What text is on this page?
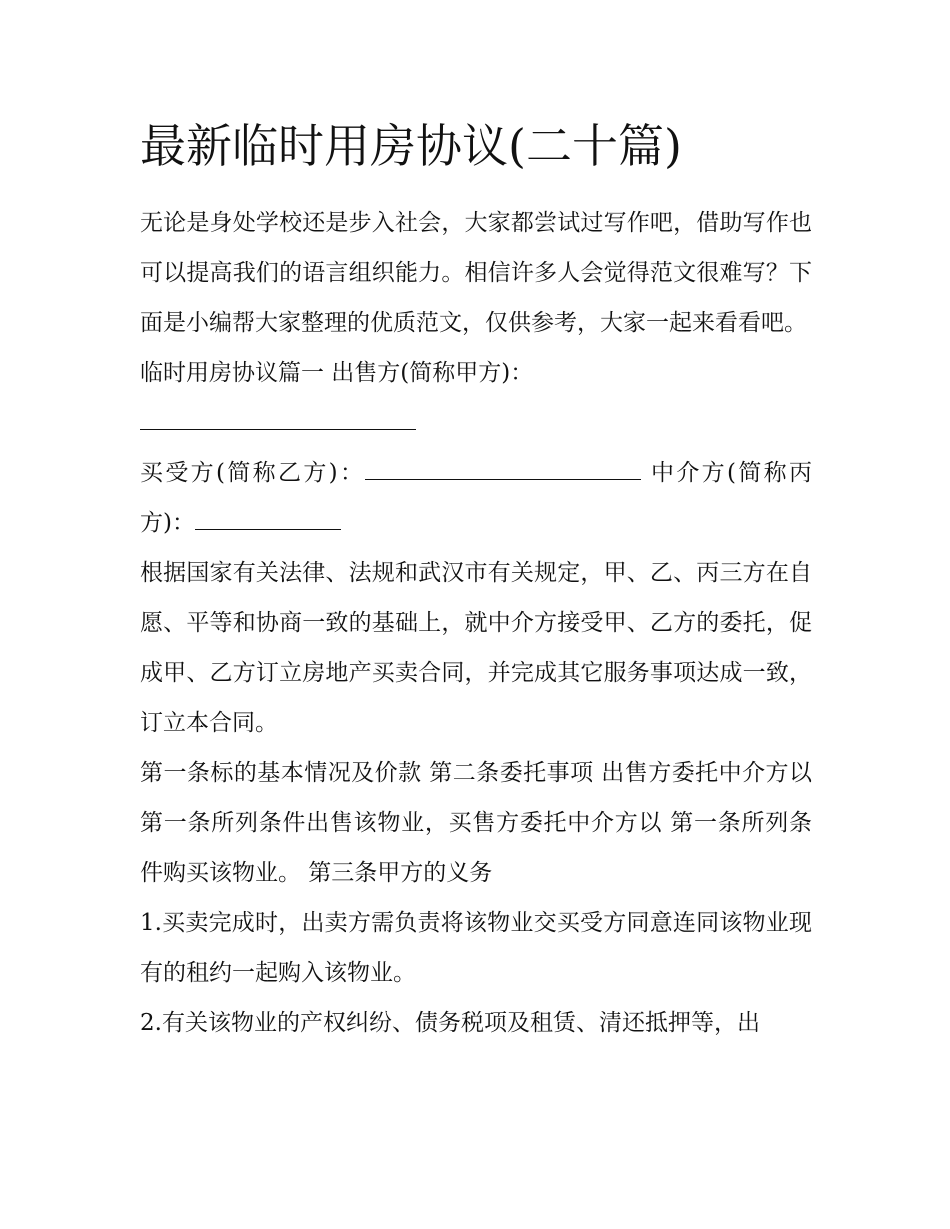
最新临时用房协议(二十篇)

无论是身处学校还是步入社会，大家都尝试过写作吧，借助写作也可以提高我们的语言组织能力。相信许多人会觉得范文很难写？下面是小编帮大家整理的优质范文，仅供参考，大家一起来看看吧。

临时用房协议篇一 出售方(简称甲方)：

买受方(简称乙方)：	中介方(简称丙方)：

根据国家有关法律、法规和武汉市有关规定，甲、乙、丙三方在自愿、平等和协商一致的基础上，就中介方接受甲、乙方的委托，促成甲、乙方订立房地产买卖合同，并完成其它服务事项达成一致，订立本合同。

第一条标的基本情况及价款 第二条委托事项 出售方委托中介方以 第一条所列条件出售该物业，买售方委托中介方以 第一条所列条件购买该物业。 第三条甲方的义务

1.买卖完成时，出卖方需负责将该物业交买受方同意连同该物业现有的租约一起购入该物业。

2.有关该物业的产权纠纷、债务税项及租赁、清还抵押等，出
